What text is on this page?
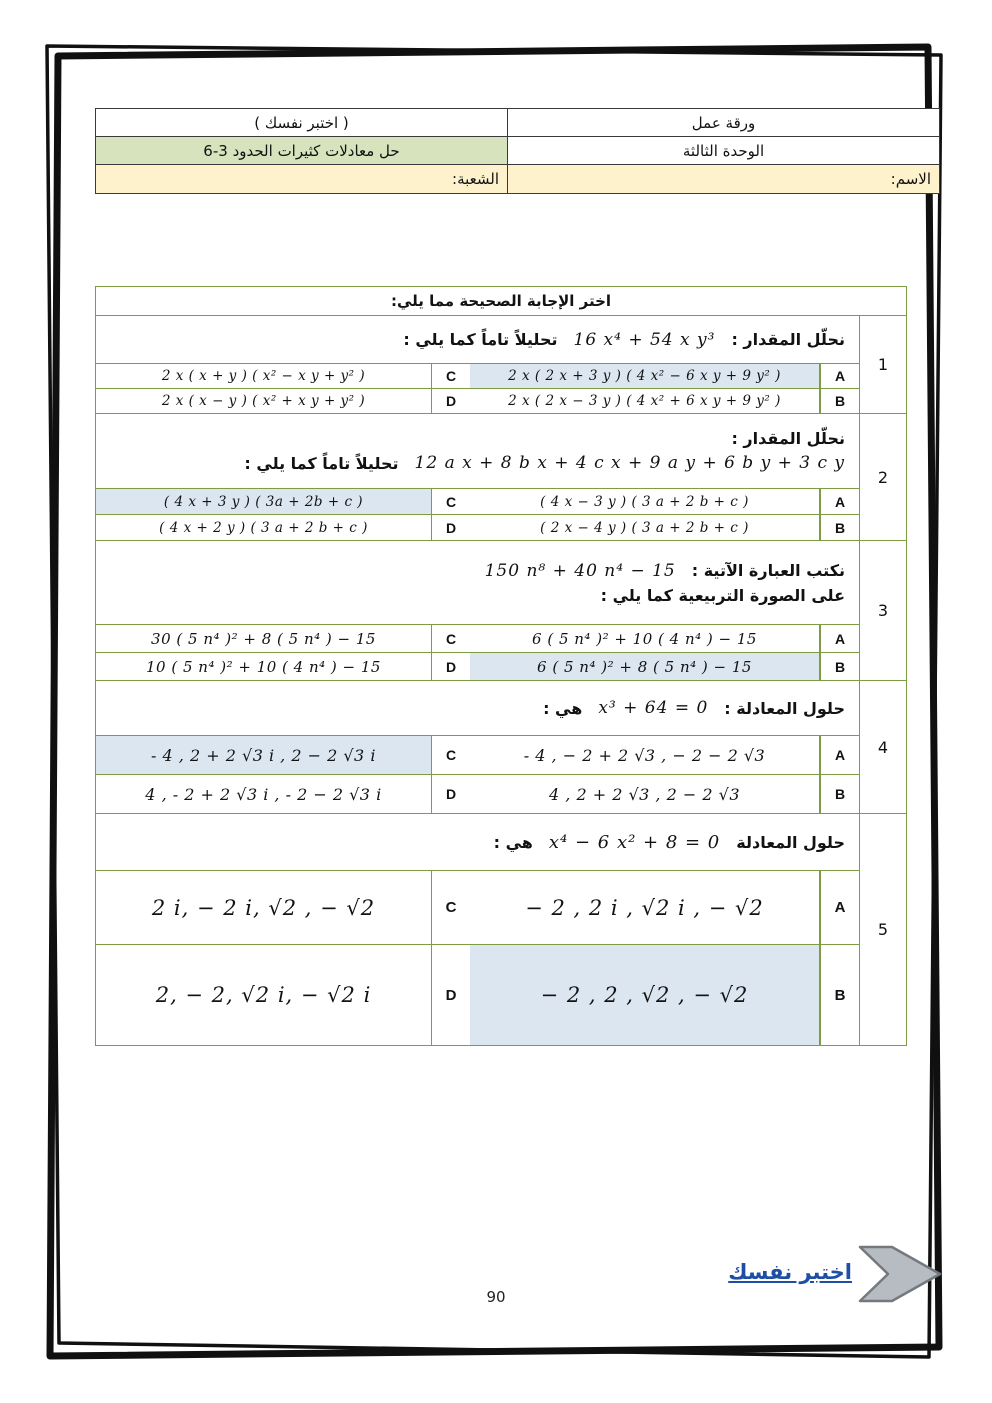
ورقة عمل
( اختبر نفسك )
الوحدة الثالثة
حل معادلات كثيرات الحدود 3-6
الاسم:
الشعبة:
اختر الإجابة الصحيحة مما يلي:
1
نحلّل المقدار :
16 x⁴ + 54 x y³
تحليلاً تاماً كما يلي :
A
2 x ( 2 x + 3 y ) ( 4 x² − 6 x y + 9 y² )
C
2 x ( x + y ) ( x² − x y + y² )
B
2 x ( 2 x − 3 y ) ( 4 x² + 6 x y + 9 y² )
D
2 x ( x − y ) ( x² + x y + y² )
2
نحلّل المقدار :
12 a x + 8 b x + 4 c x + 9 a y + 6 b y + 3 c y
تحليلاً تاماً كما يلي :
A
( 4 x − 3 y ) ( 3 a + 2 b + c )
C
( 4 x + 3 y ) ( 3a + 2b + c )
B
( 2 x − 4 y ) ( 3 a + 2 b + c )
D
( 4 x + 2 y ) ( 3 a + 2 b + c )
3
نكتب العبارة الآتية :
150 n⁸ + 40 n⁴ − 15
على الصورة التربيعية كما يلي :
A
6 ( 5 n⁴ )² + 10 ( 4 n⁴ ) − 15
C
30 ( 5 n⁴ )² + 8 ( 5 n⁴ ) − 15
B
6 ( 5 n⁴ )² + 8 ( 5 n⁴ ) − 15
D
10 ( 5 n⁴ )² + 10 ( 4 n⁴ ) − 15
4
حلول المعادلة :
x³ + 64 = 0
هي :
A
- 4 , − 2 + 2 √3 , − 2 − 2 √3
C
- 4 , 2 + 2 √3 i , 2 − 2 √3 i
B
4 , 2 + 2 √3 , 2 − 2 √3
D
4 , - 2 + 2 √3 i , - 2 − 2 √3 i
5
حلول المعادلة
x⁴ − 6 x² + 8 = 0
هي :
A
− 2 , 2 i , √2 i , − √2
C
2 i, − 2 i, √2 , − √2
B
− 2 , 2 , √2 , − √2
D
2, − 2, √2 i, − √2 i
اختبر نفسك
90
